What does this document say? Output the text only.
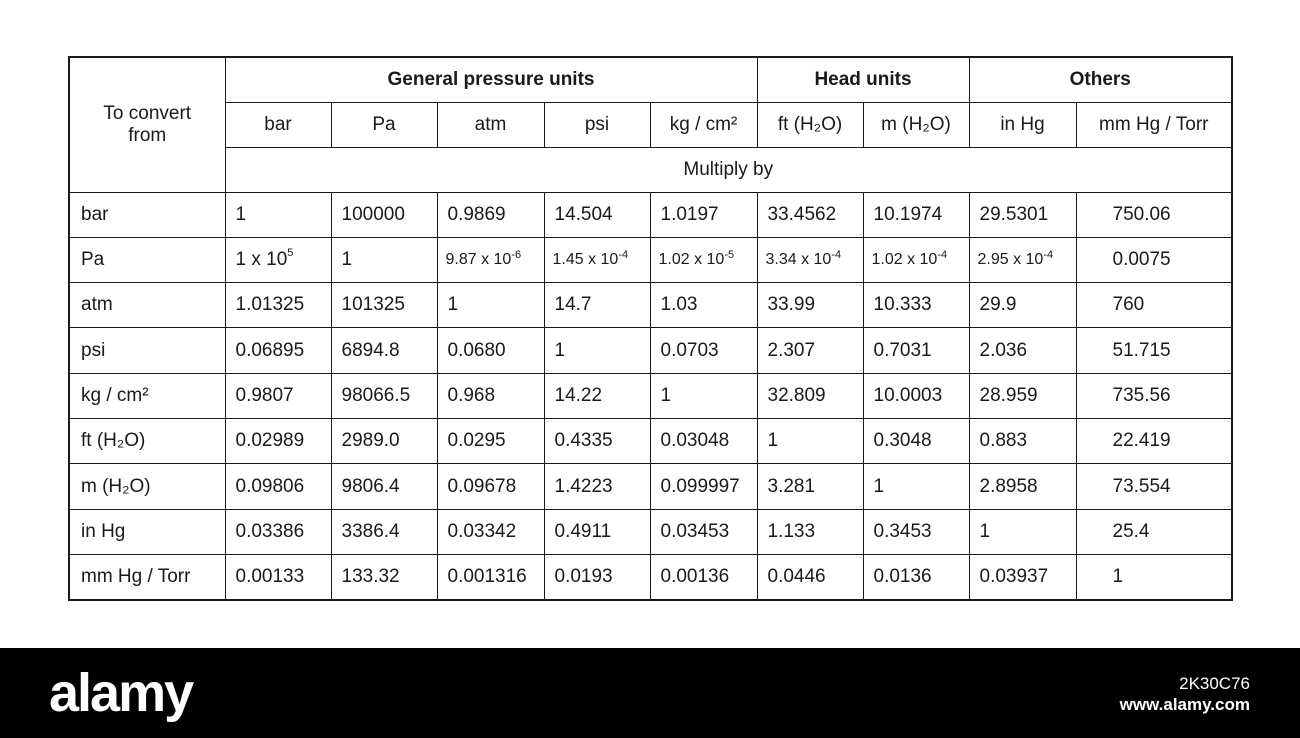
To convert
from	General pressure units					Head units		Others	
	bar	Pa	atm	psi	kg / cm²	ft (H₂O)	m (H₂O)	in Hg	mm Hg / Torr
	Multiply by								
bar	1	100000	0.9869	14.504	1.0197	33.4562	10.1974	29.5301	750.06
Pa	1 x $10^5$	1	9.87 x $10^{-6}$	1.45 x $10^{-4}$	1.02 x $10^{-5}$	3.34 x $10^{-4}$	1.02 x $10^{-4}$	2.95 x $10^{-4}$	0.0075
atm	1.01325	101325	1	14.7	1.03	33.99	10.333	29.9	760
psi	0.06895	6894.8	0.0680	1	0.0703	2.307	0.7031	2.036	51.715
kg / cm²	0.9807	98066.5	0.968	14.22	1	32.809	10.0003	28.959	735.56
ft (H₂O)	0.02989	2989.0	0.0295	0.4335	0.03048	1	0.3048	0.883	22.419
m (H₂O)	0.09806	9806.4	0.09678	1.4223	0.099997	3.281	1	2.8958	73.554
in Hg	0.03386	3386.4	0.03342	0.4911	0.03453	1.133	0.3453	1	25.4
mm Hg / Torr	0.00133	133.32	0.001316	0.0193	0.00136	0.0446	0.0136	0.03937	1
alamy	2K30C76
www.alamy.com
